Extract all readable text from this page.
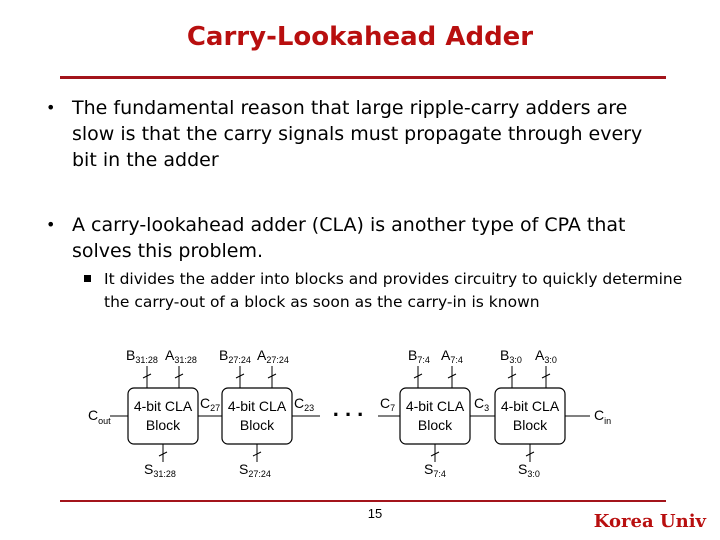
Carry-Lookahead Adder
• The fundamental reason that large ripple-carry adders are slow is that the carry signals must propagate through every bit in the adder
• A carry-lookahead adder (CLA) is another type of CPA that solves this problem.
It divides the adder into blocks and provides circuitry to quickly determine the carry-out of a block as soon as the carry-in is known
4-bit CLA
Block
$B_{31:28}$ $A_{31:28}$
$S_{31:28}$
4-bit CLA
Block
$B_{27:24}$ $A_{27:24}$
$S_{27:24}$
4-bit CLA
Block
$B_{7:4}$ $A_{7:4}$
$S_{7:4}$
4-bit CLA
Block
$B_{3:0}$ $A_{3:0}$
$S_{3:0}$
$C_{out}$
$C_{27}$	$C_{23}$	$C_7$	$C_3$	$C_{in}$
. . .
15	Korea Univ
